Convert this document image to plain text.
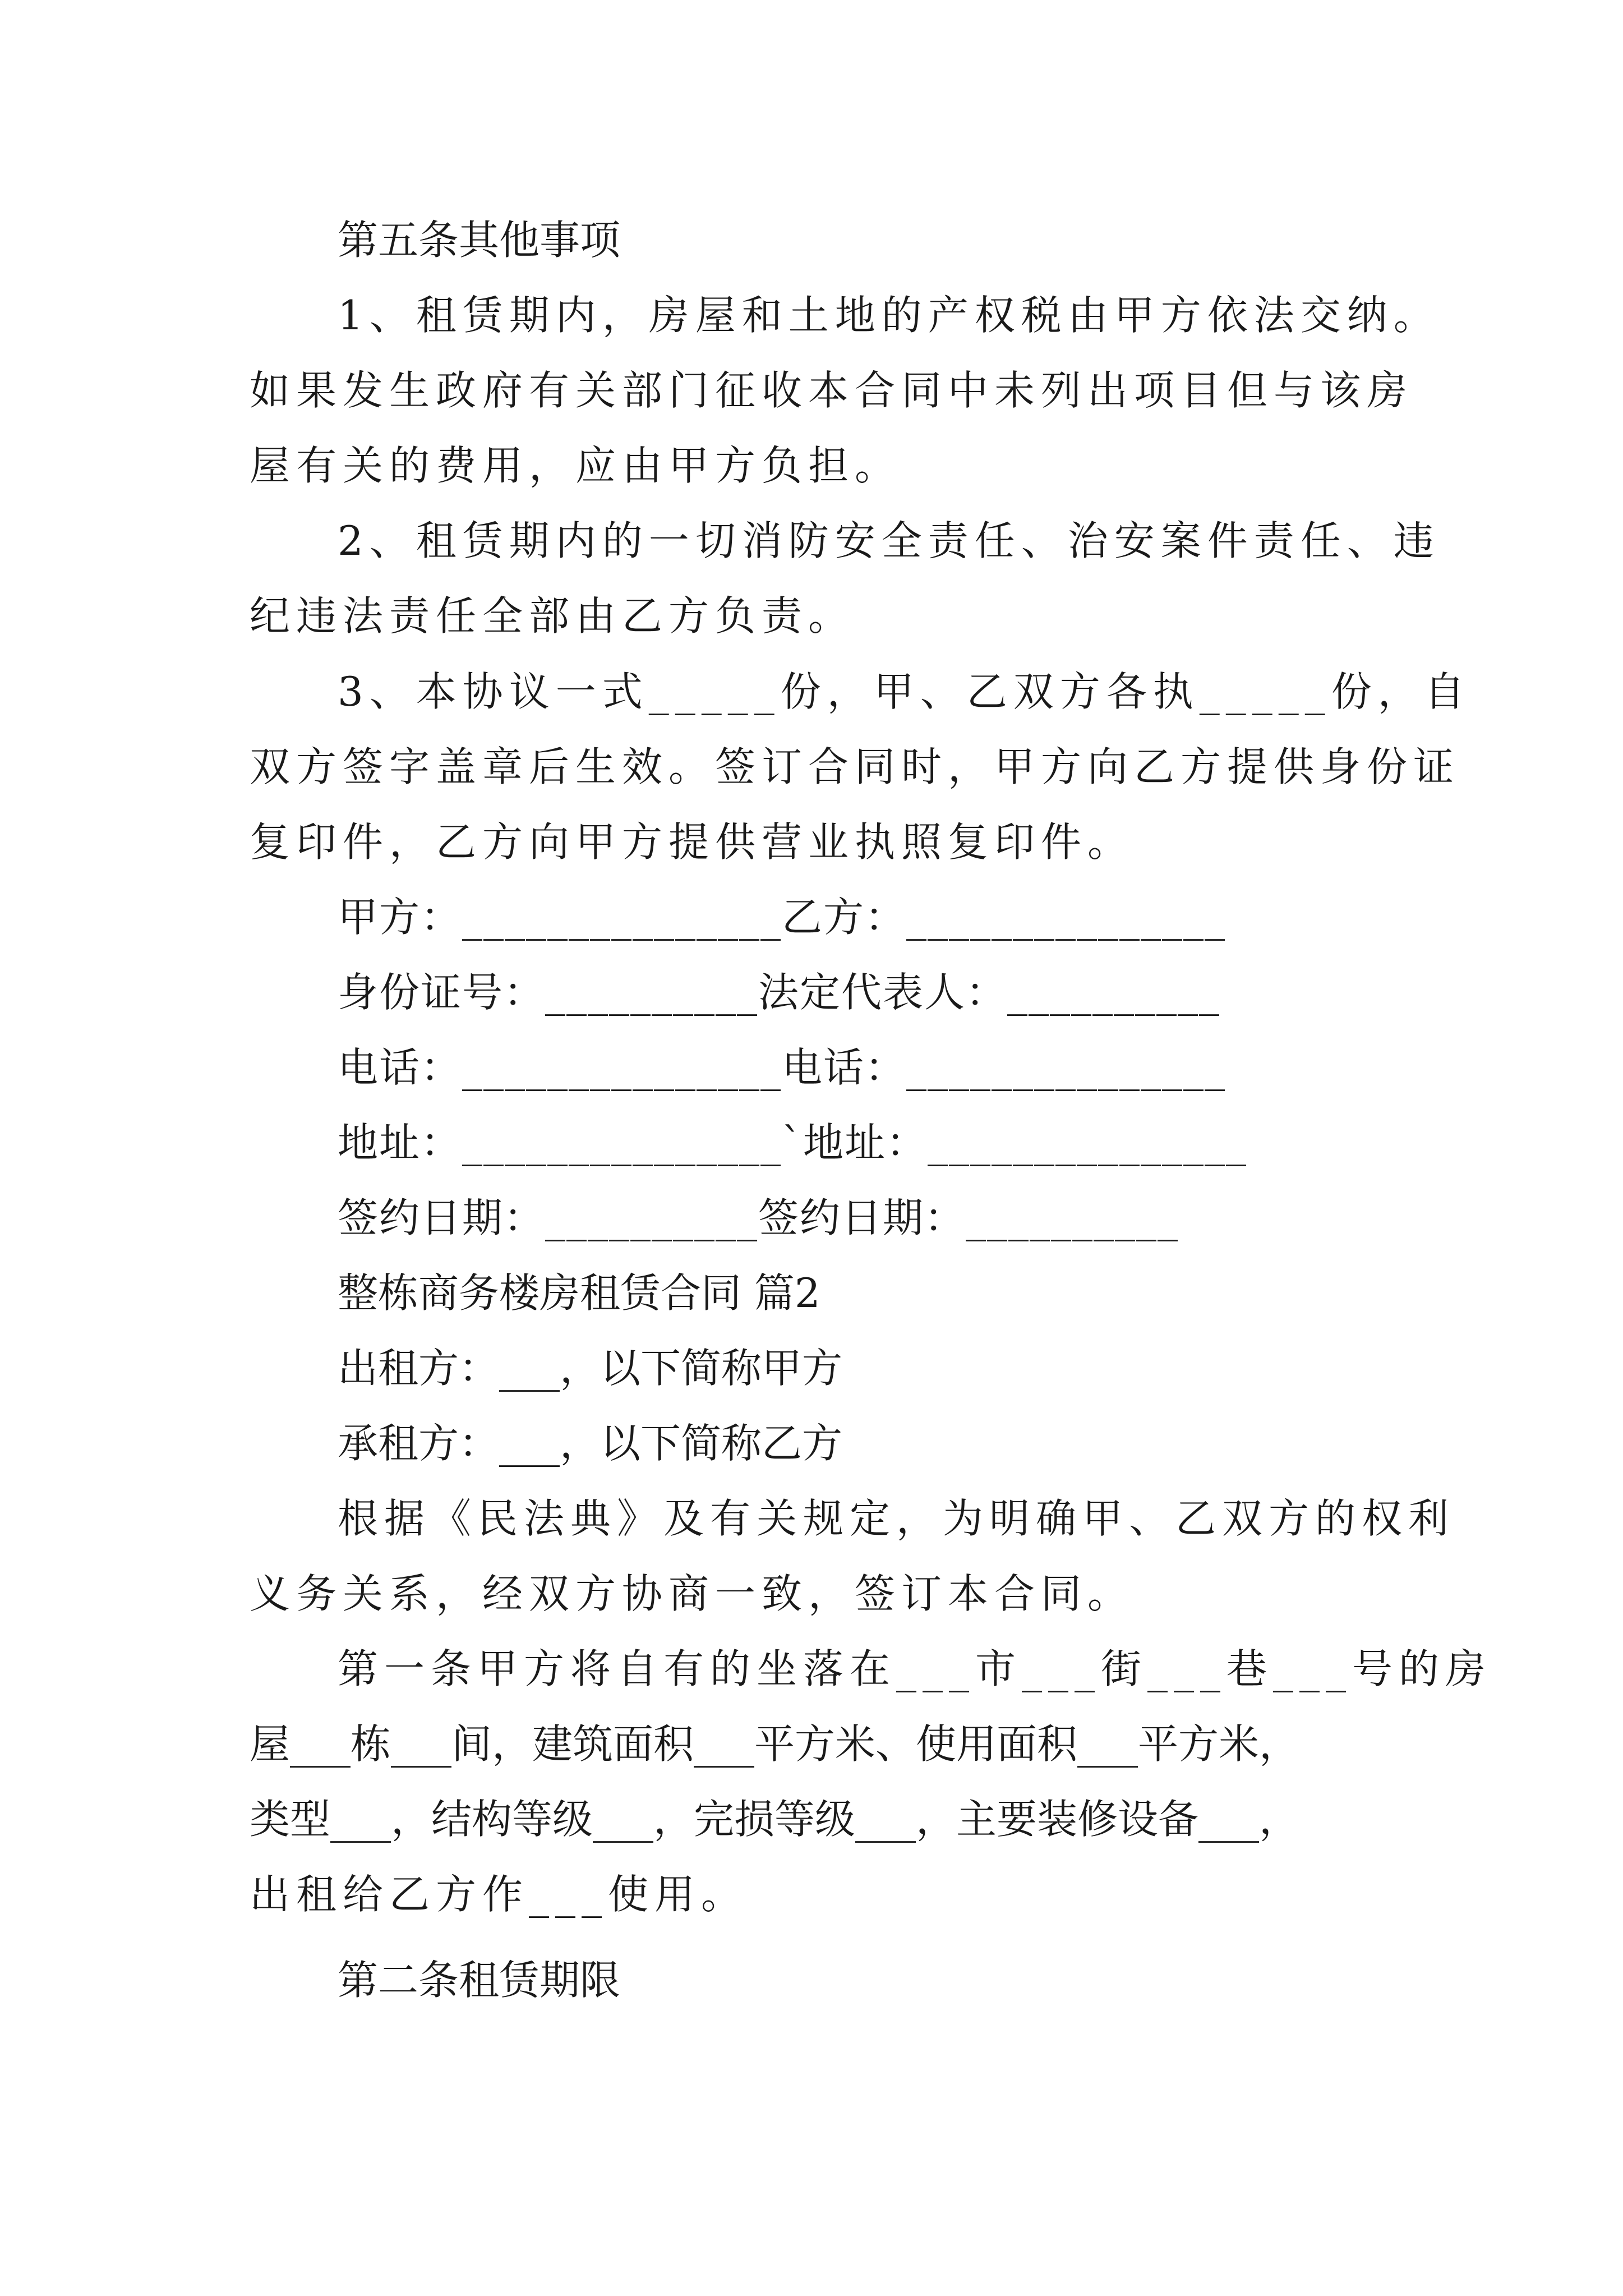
第五条其他事项

1、租赁期内，房屋和土地的产权税由甲方依法交纳。

如果发生政府有关部门征收本合同中未列出项目但与该房

屋有关的费用，应由甲方负担。

2、租赁期内的一切消防安全责任、治安案件责任、违

纪违法责任全部由乙方负责。

3、本协议一式_____份，甲、乙双方各执_____份，自

双方签字盖章后生效。签订合同时，甲方向乙方提供身份证

复印件，乙方向甲方提供营业执照复印件。

甲方：_______________乙方：_______________

身份证号：__________法定代表人：__________

电话：_______________电话：_______________

地址：_______________`地址：_______________

签约日期：__________签约日期：__________

整栋商务楼房租赁合同 篇2

出租方：___，以下简称甲方

承租方：___，以下简称乙方

根据《民法典》及有关规定，为明确甲、乙双方的权利

义务关系，经双方协商一致，签订本合同。

第一条甲方将自有的坐落在___市___街___巷___号的房

屋___栋___间，建筑面积___平方米、使用面积___平方米，

类型___，结构等级___，完损等级___，主要装修设备___，

出租给乙方作___使用。

第二条租赁期限
